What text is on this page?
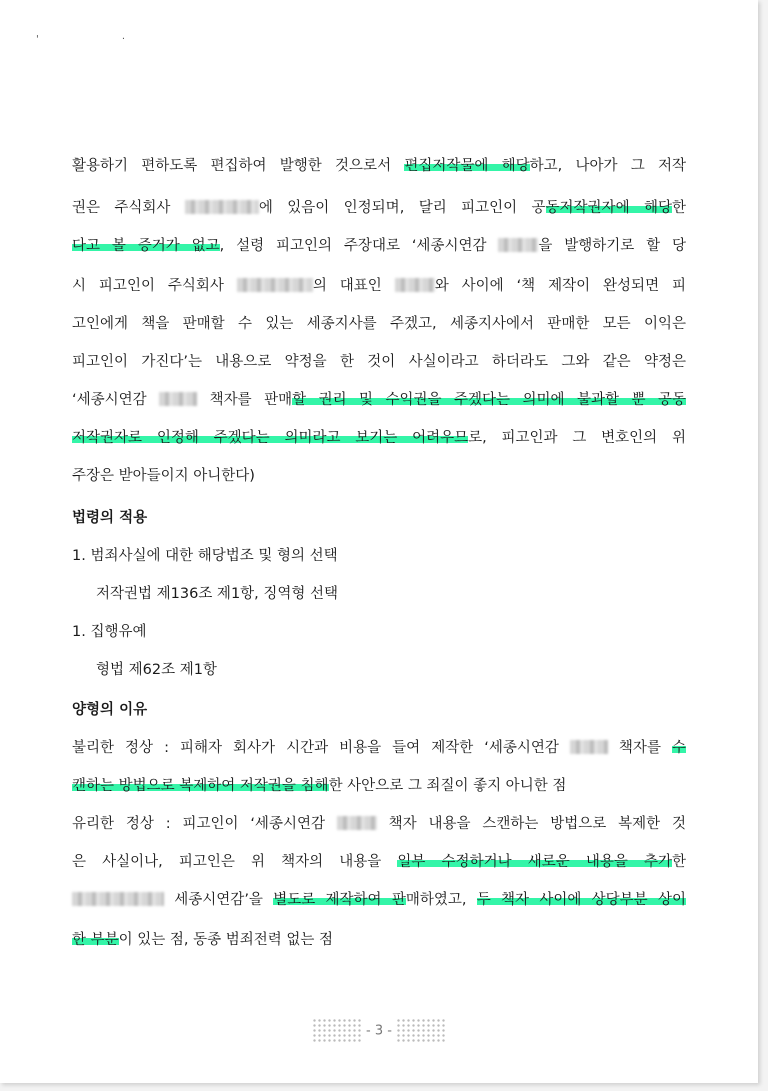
' ·
활용하기 편하도록 편집하여 발행한 것으로서 편집저작물에 해당하고, 나아가 그 저작
권은 주식회사	에 있음이 인정되며, 달리 피고인이 공동저작권자에 해당한
다고 볼 증거가 없고, 설령 피고인의 주장대로 ‘세종시연감	을 발행하기로 할 당
시 피고인이 주식회사	의 대표인	와 사이에 ‘책 제작이 완성되면 피
고인에게 책을 판매할 수 있는 세종지사를 주겠고, 세종지사에서 판매한 모든 이익은
피고인이 가진다’는 내용으로 약정을 한 것이 사실이라고 하더라도 그와 같은 약정은
‘세종시연감	책자를 판매할 권리 및 수익권을 주겠다는 의미에 불과할 뿐 공동
저작권자로 인정해 주겠다는 의미라고 보기는 어려우므로, 피고인과 그 변호인의 위
주장은 받아들이지 아니한다)
법령의 적용
1. 범죄사실에 대한 해당법조 및 형의 선택
저작권법 제136조 제1항, 징역형 선택
1. 집행유예
형법 제62조 제1항
양형의 이유
불리한 정상 : 피해자 회사가 시간과 비용을 들여 제작한 ‘세종시연감	책자를 수
캔하는 방법으로 복제하여 저작권을 침해한 사안으로 그 죄질이 좋지 아니한 점
유리한 정상 : 피고인이 ‘세종시연감	책자 내용을 스캔하는 방법으로 복제한 것
은 사실이나, 피고인은 위 책자의 내용을 일부 수정하거나 새로운 내용을 추가한
세종시연감’을 별도로 제작하여 판매하였고, 두 책자 사이에 상당부분 상이
한 부분이 있는 점, 동종 범죄전력 없는 점
- 3 -
